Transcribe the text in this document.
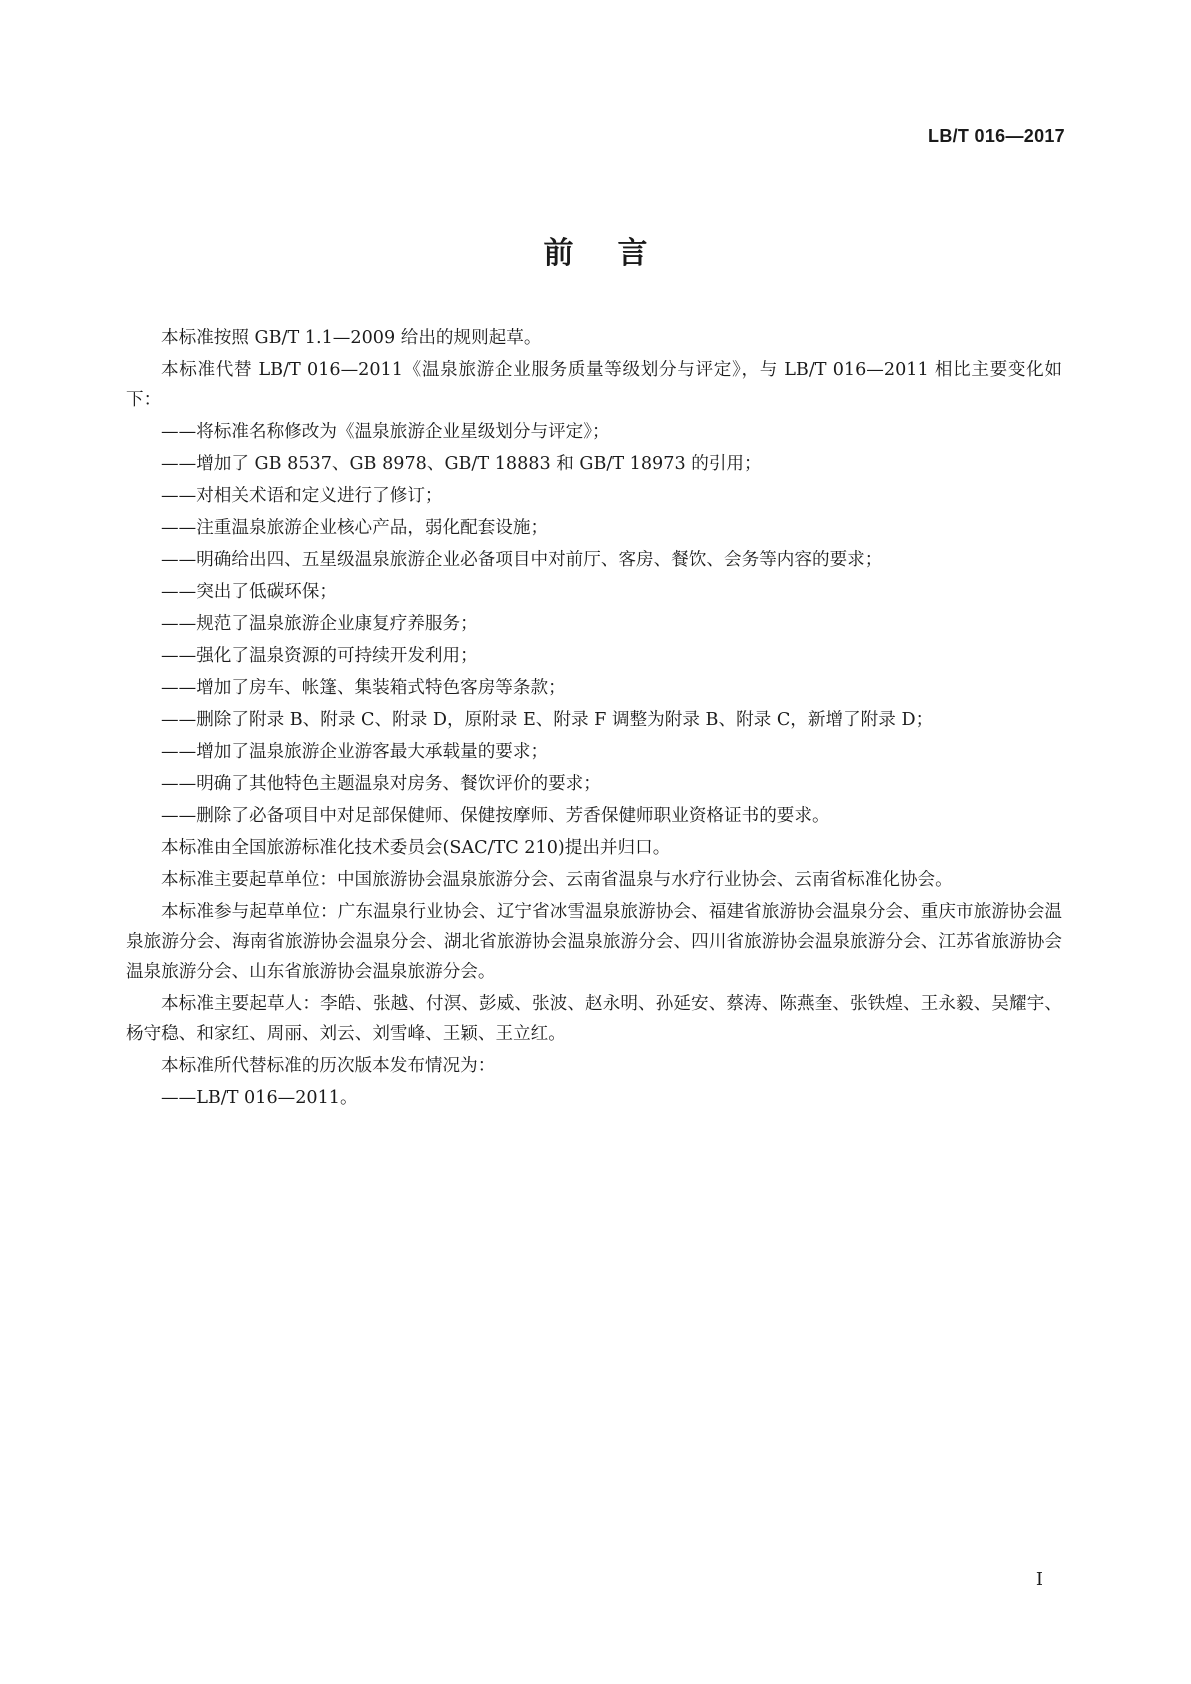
LB/T 016—2017
前言

本标准按照 GB/T 1.1—2009 给出的规则起草。

本标准代替 LB/T 016—2011《温泉旅游企业服务质量等级划分与评定》，与 LB/T 016—2011 相比主要变化如下：

——将标准名称修改为《温泉旅游企业星级划分与评定》；
——增加了 GB 8537、GB 8978、GB/T 18883 和 GB/T 18973 的引用；
——对相关术语和定义进行了修订；
——注重温泉旅游企业核心产品，弱化配套设施；
——明确给出四、五星级温泉旅游企业必备项目中对前厅、客房、餐饮、会务等内容的要求；
——突出了低碳环保；
——规范了温泉旅游企业康复疗养服务；
——强化了温泉资源的可持续开发利用；
——增加了房车、帐篷、集装箱式特色客房等条款；
——删除了附录 B、附录 C、附录 D，原附录 E、附录 F 调整为附录 B、附录 C，新增了附录 D；
——增加了温泉旅游企业游客最大承载量的要求；
——明确了其他特色主题温泉对房务、餐饮评价的要求；
——删除了必备项目中对足部保健师、保健按摩师、芳香保健师职业资格证书的要求。

本标准由全国旅游标准化技术委员会(SAC/TC 210)提出并归口。

本标准主要起草单位：中国旅游协会温泉旅游分会、云南省温泉与水疗行业协会、云南省标准化协会。

本标准参与起草单位：广东温泉行业协会、辽宁省冰雪温泉旅游协会、福建省旅游协会温泉分会、重庆市旅游协会温泉旅游分会、海南省旅游协会温泉分会、湖北省旅游协会温泉旅游分会、四川省旅游协会温泉旅游分会、江苏省旅游协会温泉旅游分会、山东省旅游协会温泉旅游分会。

本标准主要起草人：李皓、张越、付溟、彭威、张波、赵永明、孙延安、蔡涛、陈燕奎、张铁煌、王永毅、吴耀宇、杨守稳、和家红、周丽、刘云、刘雪峰、王颖、王立红。

本标准所代替标准的历次版本发布情况为：

——LB/T 016—2011。
I
